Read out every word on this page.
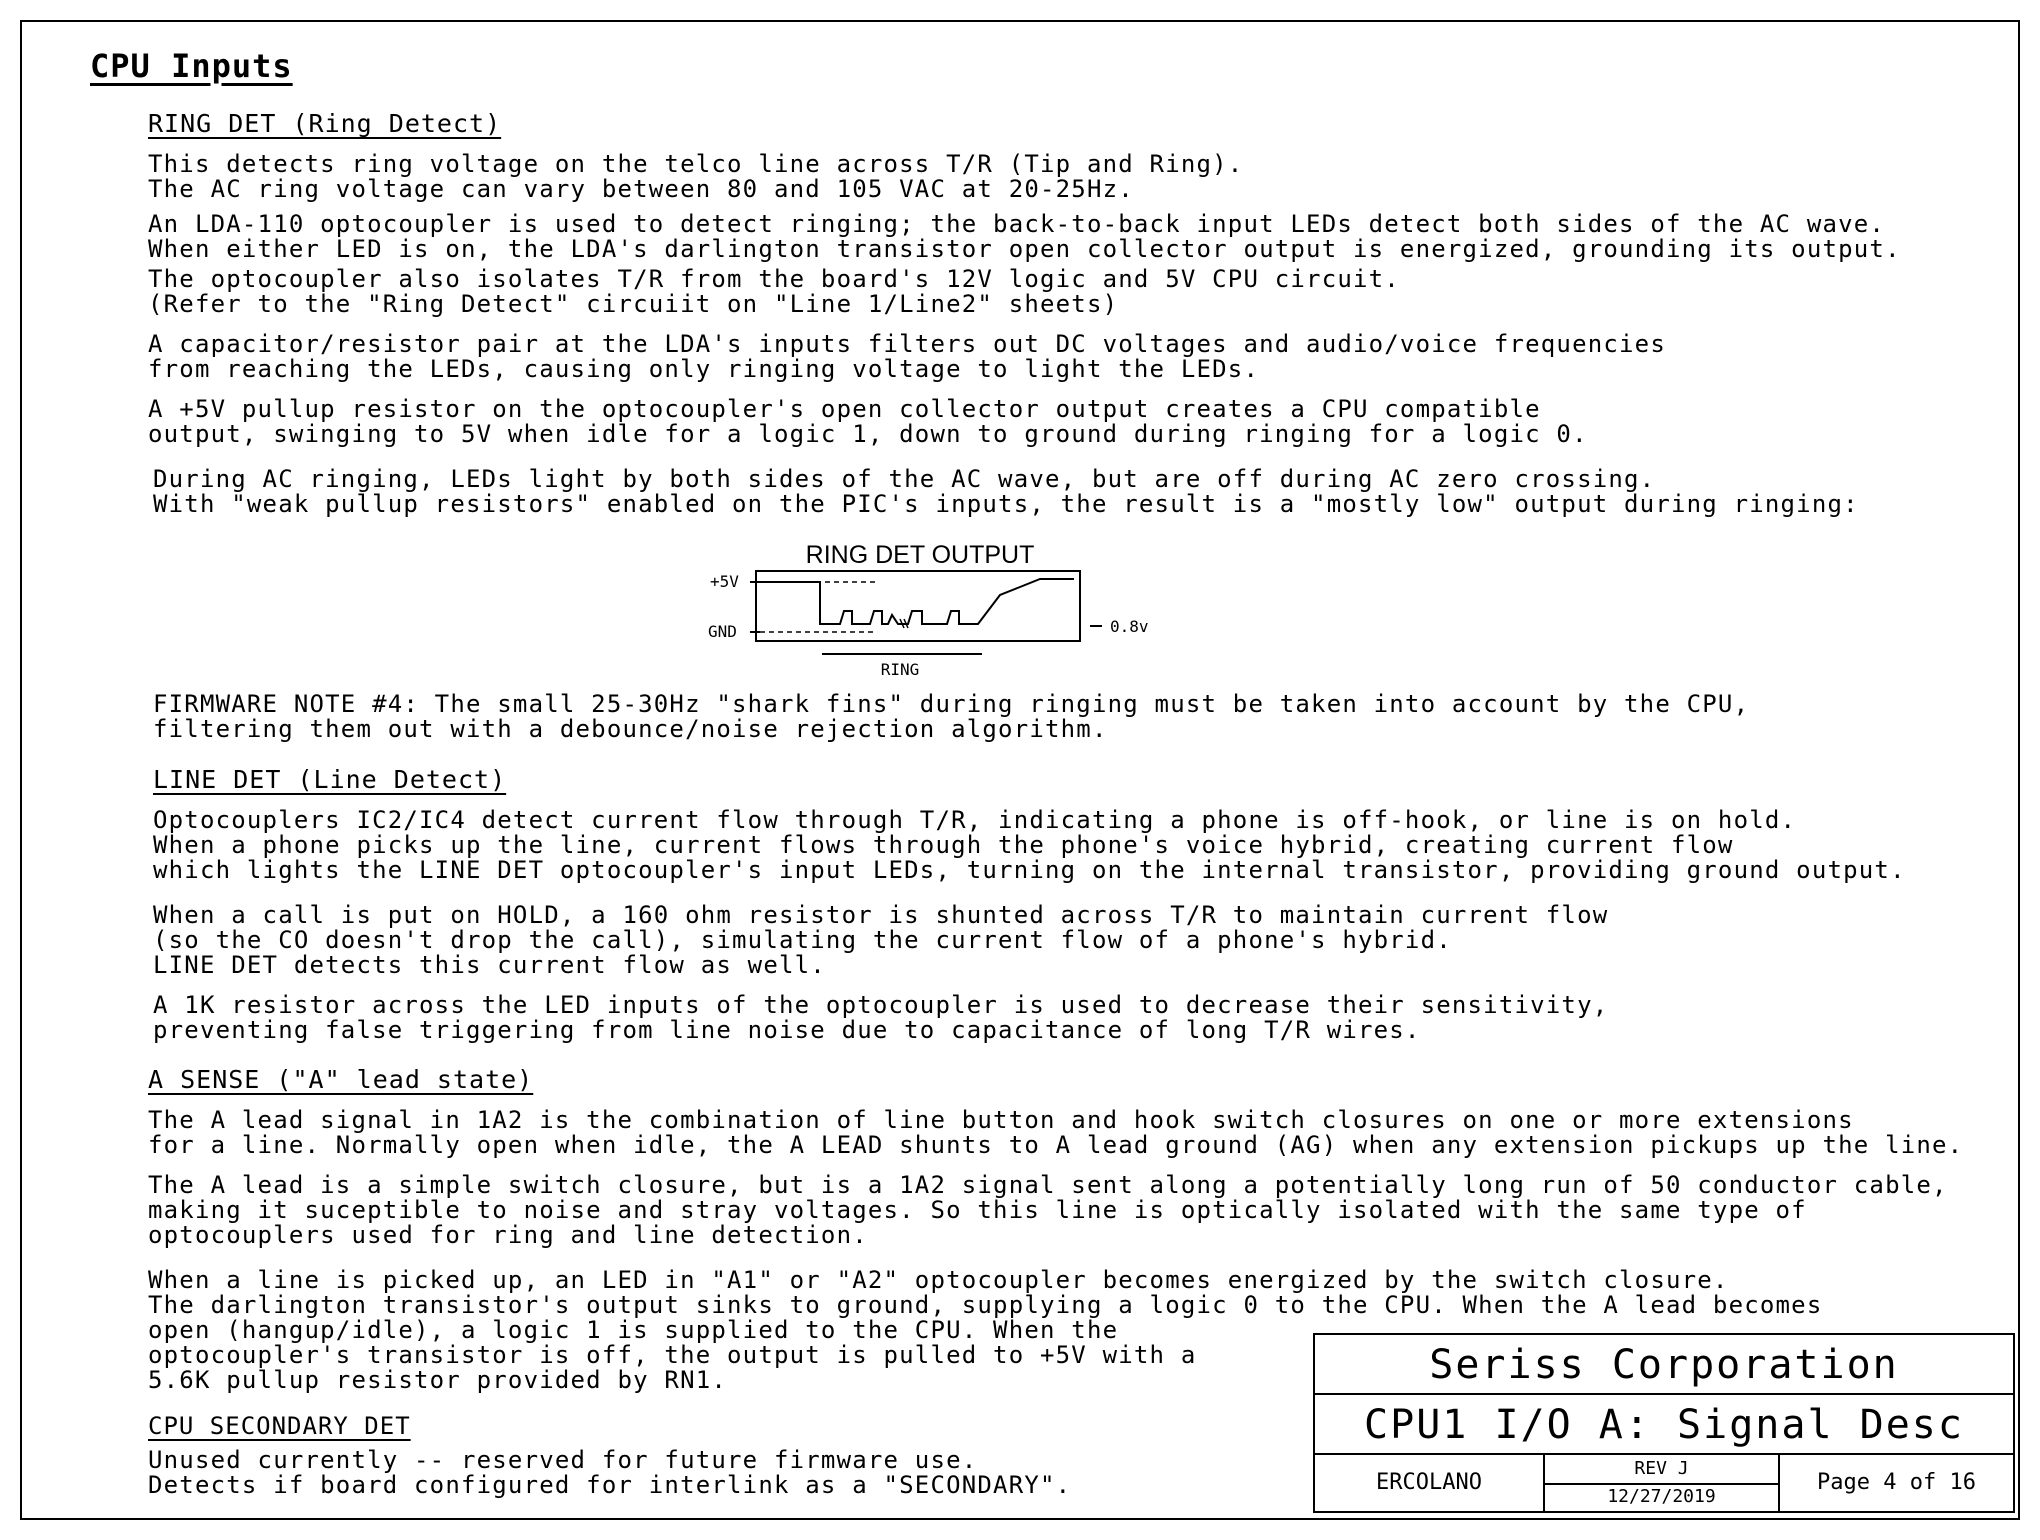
CPU Inputs
RING DET (Ring Detect)
This detects ring voltage on the telco line across T/R (Tip and Ring).
The AC ring voltage can vary between 80 and 105 VAC at 20-25Hz.
An LDA-110 optocoupler is used to detect ringing; the back-to-back input LEDs detect both sides of the AC wave.
When either LED is on, the LDA's darlington transistor open collector output is energized, grounding its output.
The optocoupler also isolates T/R from the board's 12V logic and 5V CPU circuit.
(Refer to the "Ring Detect" circuiit on "Line 1/Line2" sheets)
A capacitor/resistor pair at the LDA's inputs filters out DC voltages and audio/voice frequencies
from reaching the LEDs, causing only ringing voltage to light the LEDs.
A +5V pullup resistor on the optocoupler's open collector output creates a CPU compatible
output, swinging to 5V when idle for a logic 1, down to ground during ringing for a logic 0.
During AC ringing, LEDs light by both sides of the AC wave, but are off during AC zero crossing.
With "weak pullup resistors" enabled on the PIC's inputs, the result is a "mostly low" output during ringing:
RING DET OUTPUT
+5V
GND	0.8v
RING
FIRMWARE NOTE #4: The small 25-30Hz "shark fins" during ringing must be taken into account by the CPU,
filtering them out with a debounce/noise rejection algorithm.
LINE DET (Line Detect)
Optocouplers IC2/IC4 detect current flow through T/R, indicating a phone is off-hook, or line is on hold.
When a phone picks up the line, current flows through the phone's voice hybrid, creating current flow
which lights the LINE DET optocoupler's input LEDs, turning on the internal transistor, providing ground output.
When a call is put on HOLD, a 160 ohm resistor is shunted across T/R to maintain current flow
(so the CO doesn't drop the call), simulating the current flow of a phone's hybrid.
LINE DET detects this current flow as well.
A 1K resistor across the LED inputs of the optocoupler is used to decrease their sensitivity,
preventing false triggering from line noise due to capacitance of long T/R wires.
A SENSE ("A" lead state)
The A lead signal in 1A2 is the combination of line button and hook switch closures on one or more extensions
for a line. Normally open when idle, the A LEAD shunts to A lead ground (AG) when any extension pickups up the line.
The A lead is a simple switch closure, but is a 1A2 signal sent along a potentially long run of 50 conductor cable,
making it suceptible to noise and stray voltages. So this line is optically isolated with the same type of
optocouplers used for ring and line detection.
When a line is picked up, an LED in "A1" or "A2" optocoupler becomes energized by the switch closure.
The darlington transistor's output sinks to ground, supplying a logic 0 to the CPU. When the A lead becomes
open (hangup/idle), a logic 1 is supplied to the CPU. When the
optocoupler's transistor is off, the output is pulled to +5V with a
5.6K pullup resistor provided by RN1.
CPU SECONDARY DET
Unused currently -- reserved for future firmware use.
Detects if board configured for interlink as a "SECONDARY".
Seriss Corporation
CPU1 I/O A: Signal Desc
ERCOLANO
REV J
12/27/2019
Page 4 of 16
